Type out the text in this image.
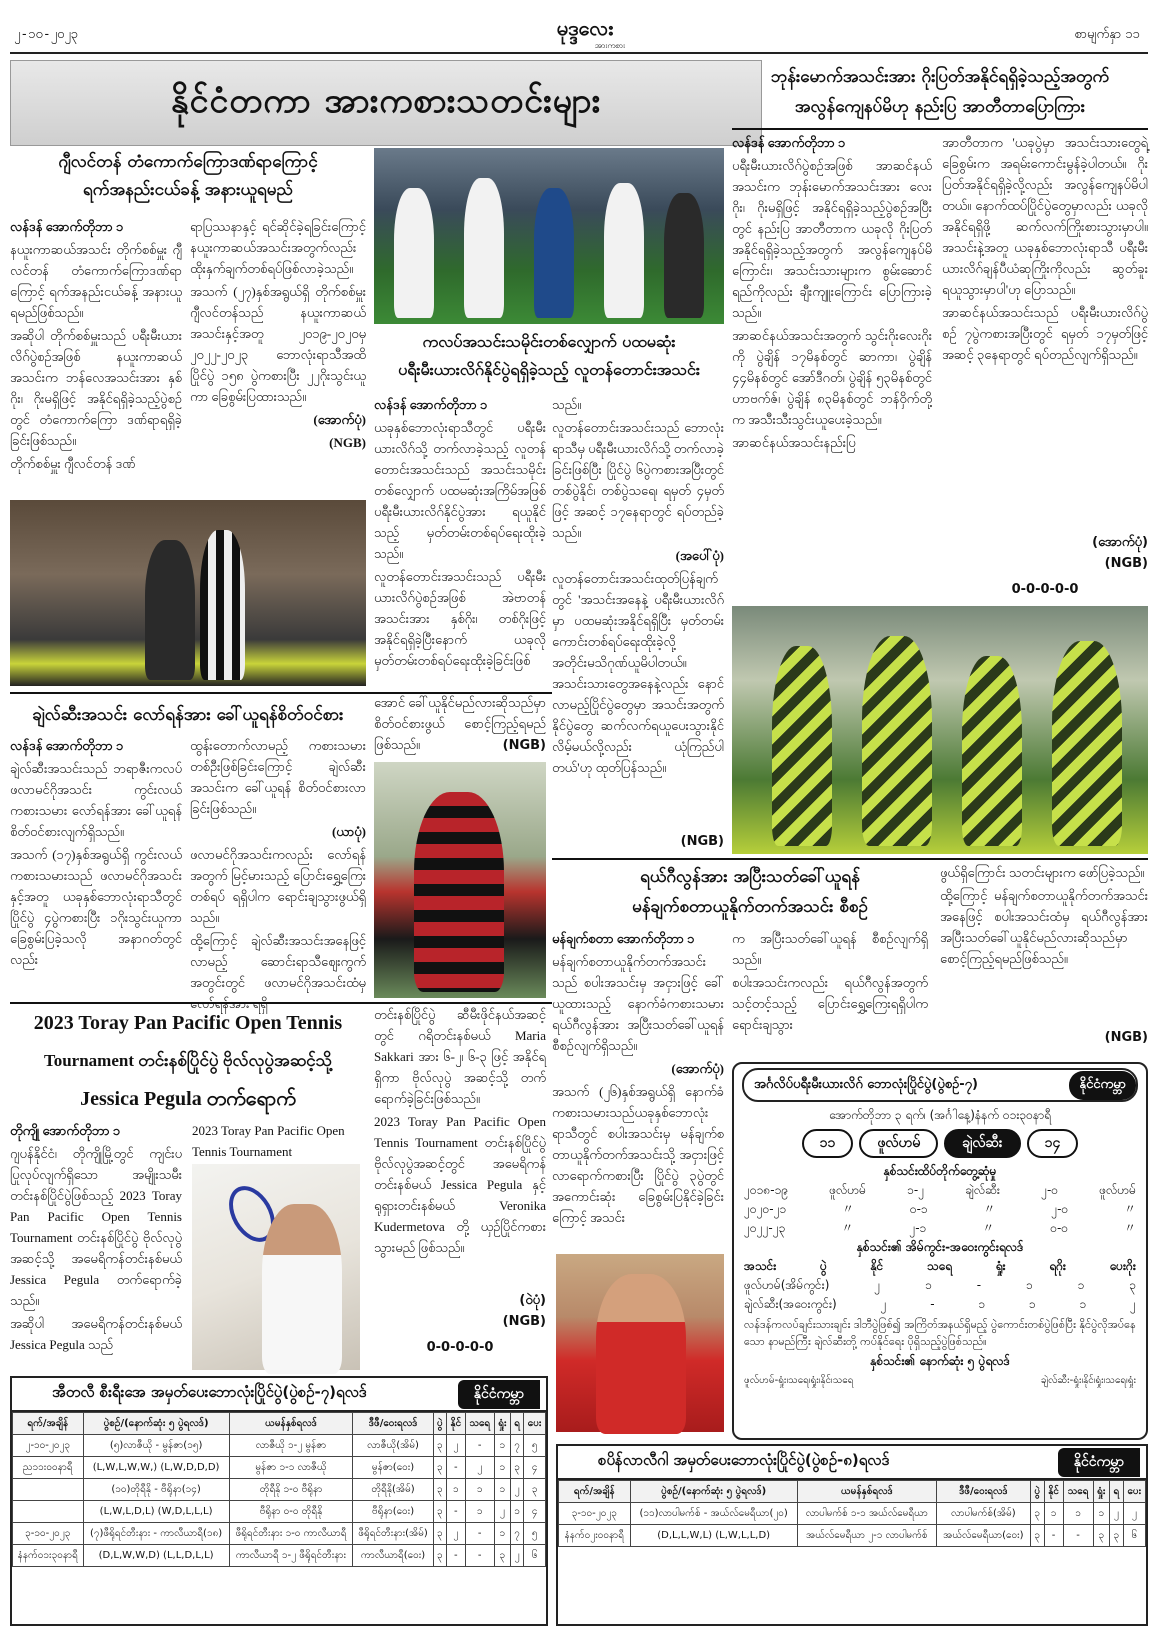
၂-၁၀-၂၀၂၃	မုဒ္ဒလေး
အားကစား
စာမျက်နှာ ၁၁
နိုင်ငံတကာ အားကစားသတင်းများ
ဂျီလင်တန် တံကောက်ကြောဒဏ်ရာကြောင့်
ရက်အနည်းငယ်ခန့် အနားယူရမည်

လန်ဒန် အောက်တိုဘာ ၁

နယူးကာဆယ်အသင်း တိုက်စစ်မှူး ဂျီလင်တန် တံကောက်ကြောဒဏ်ရာကြောင့် ရက်အနည်းငယ်ခန့် အနားယူရမည်ဖြစ်သည်။

အဆိုပါ တိုက်စစ်မှူးသည် ပရီးမီးယားလိဂ်ပွဲစဉ်အဖြစ် နယူးကာဆယ်အသင်းက ဘန်လေအသင်းအား နှစ်ဂိုး၊ ဂိုးမရှိဖြင့် အနိုင်ရရှိခဲ့သည့်ပွဲစဉ်တွင် တံကောက်ကြော ဒဏ်ရာရရှိခဲ့ခြင်းဖြစ်သည်။

တိုက်စစ်မှူး ဂျီလင်တန် ဒဏ်

ရာပြဿနာနှင့် ရင်ဆိုင်ခဲ့ရခြင်းကြောင့် နယူးကာဆယ်အသင်းအတွက်လည်း ထိုးနှက်ချက်တစ်ရပ်ဖြစ်လာခဲ့သည်။

အသက် (၂၇)နှစ်အရွယ်ရှိ တိုက်စစ်မှူး ဂျီလင်တန်သည် နယူးကာဆယ်အသင်းနှင့်အတူ ၂၀၁၉-၂၀၂၀မှ ၂၀၂၂-၂၀၂၃ ဘောလုံးရာသီအထိ ပြိုင်ပွဲ ၁၅၈ ပွဲကစားပြီး ၂၂ဂိုးသွင်းယူကာ ခြေစွမ်းပြထားသည်။

(အောက်ပုံ)

(NGB)

ချဲလ်ဆီးအသင်း လော်ရန်အား ခေါ်ယူရန်စိတ်ဝင်စား

လန်ဒန် အောက်တိုဘာ ၁

ချဲလ်ဆီးအသင်းသည် ဘရာဇီးကလပ် ဖလာမင်ဂိုအသင်း ကွင်းလယ်ကစားသမား လော်ရန်အား ခေါ်ယူရန် စိတ်ဝင်စားလျက်ရှိသည်။

အသက် (၁၇)နှစ်အရွယ်ရှိ ကွင်းလယ်ကစားသမားသည် ဖလာမင်ဂိုအသင်းနှင့်အတူ ယခုနှစ်ဘောလုံးရာသီတွင် ပြိုင်ပွဲ ၄ပွဲကစားပြီး ၁ဂိုးသွင်းယူကာ ခြေစွမ်းပြခဲ့သလို အနာဂတ်တွင် လည်း

ထွန်းတောက်လာမည့် ကစားသမားတစ်ဦးဖြစ်ခြင်းကြောင့် ချဲလ်ဆီးအသင်းက ခေါ်ယူရန် စိတ်ဝင်စားလာခြင်းဖြစ်သည်။

(ယာပုံ)

ဖလာမင်ဂိုအသင်းကလည်း လော်ရန်အတွက် မြင့်မားသည့် ပြောင်းရွှေ့ကြေးတစ်ရပ် ရရှိပါက ရောင်းချသွားဖွယ်ရှိသည်။

ထို့ကြောင့် ချဲလ်ဆီးအသင်းအနေဖြင့် လာမည့် ဆောင်းရာသီဈေးကွက်အတွင်းတွင် ဖလာမင်ဂိုအသင်းထံမှ လော်ရန်အား ရရှိ

အောင် ခေါ်ယူနိုင်မည်လားဆိုသည်မှာ စိတ်ဝင်စားဖွယ် စောင့်ကြည့်ရမည်ဖြစ်သည်။	(NGB)
2023 Toray Pan Pacific Open Tennis
Tournament တင်းနစ်ပြိုင်ပွဲ ဗိုလ်လုပွဲအဆင့်သို့
Jessica Pegula တက်ရောက်

တိုကျို အောက်တိုဘာ ၁

ဂျပန်နိုင်ငံ၊ တိုကျိုမြို့တွင် ကျင်းပပြုလုပ်လျက်ရှိသော အမျိုးသမီးတင်းနစ်ပြိုင်ပွဲဖြစ်သည့် 2023 Toray Pan Pacific Open Tennis Tournament တင်းနစ်ပြိုင်ပွဲ ဗိုလ်လုပွဲအဆင့်သို့ အမေရိကန်တင်းနစ်မယ် Jessica Pegula တက်ရောက်ခဲ့သည်။

အဆိုပါ အမေရိကန်တင်းနစ်မယ် Jessica Pegula သည်

2023 Toray Pan Pacific Open Tennis Tournament

တင်းနစ်ပြိုင်ပွဲ ဆီမီးဖိုင်နယ်အဆင့်တွင် ဂရိတင်းနစ်မယ် Maria Sakkari အား ၆-၂၊ ၆-၃ ဖြင့် အနိုင်ရရှိကာ ဗိုလ်လုပွဲ အဆင့်သို့ တက်ရောက်ခဲ့ခြင်းဖြစ်သည်။

2023 Toray Pan Pacific Open Tennis Tournament တင်းနစ်ပြိုင်ပွဲ ဗိုလ်လုပွဲအဆင့်တွင် အမေရိကန်တင်းနစ်မယ် Jessica Pegula နှင့် ရုရှားတင်းနစ်မယ် Veronika Kudermetova တို့ ယှဉ်ပြိုင်ကစားသွားမည် ဖြစ်သည်။

(ဝဲပုံ)
(NGB)
0-0-0-0-0
ကလပ်အသင်းသမိုင်းတစ်လျှောက် ပထမဆုံး
ပရီးမီးယားလိဂ်နိုင်ပွဲရရှိခဲ့သည့် လူတန်တောင်းအသင်း

လန်ဒန် အောက်တိုဘာ ၁

ယခုနှစ်ဘောလုံးရာသီတွင် ပရီးမီးယားလိဂ်သို့ တက်လာခဲ့သည့် လူတန်တောင်းအသင်းသည် အသင်းသမိုင်းတစ်လျှောက် ပထမဆုံးအကြိမ်အဖြစ် ပရီးမီးယားလိဂ်နိုင်ပွဲအား ရယူနိုင်သည့် မှတ်တမ်းတစ်ရပ်ရေးထိုးခဲ့သည်။

လူတန်တောင်းအသင်းသည် ပရီးမီးယားလိဂ်ပွဲစဉ်အဖြစ် အဲဗာတန်အသင်းအား နှစ်ဂိုး၊ တစ်ဂိုးဖြင့် အနိုင်ရရှိခဲ့ပြီးနောက် ယခုလို မှတ်တမ်းတစ်ရပ်ရေးထိုးခဲ့ခြင်းဖြစ်

သည်။

လူတန်တောင်းအသင်းသည် ဘောလုံးရာသီမှ ပရီးမီးယားလိဂ်သို့ တက်လာခဲ့ခြင်းဖြစ်ပြီး ပြိုင်ပွဲ ၆ပွဲကစားအပြီးတွင် တစ်ပွဲနိုင်၊ တစ်ပွဲသရေ၊ ရမှတ် ၄မှတ်ဖြင့် အဆင့် ၁၇နေရာတွင် ရပ်တည်ခဲ့သည်။

(အပေါ်ပုံ)

လူတန်တောင်းအသင်းထုတ်ပြန်ချက်တွင် 'အသင်းအနေနဲ့ ပရီးမီးယားလိဂ်မှာ ပထမဆုံးအနိုင်ရရှိပြီး မှတ်တမ်းကောင်းတစ်ရပ်ရေးထိုးခဲ့လို့ အတိုင်းမသိဂုဏ်ယူမိပါတယ်။ အသင်းသားတွေအနေနဲ့လည်း နောင်လာမည့်ပြိုင်ပွဲတွေမှာ အသင်းအတွက် နိုင်ပွဲတွေ ဆက်လက်ရယူပေးသွားနိုင်လိမ့်မယ်လို့လည်း ယုံကြည်ပါတယ်'ဟု ထုတ်ပြန်သည်။

(NGB)
ဘုန်းမောက်အသင်းအား ဂိုးပြတ်အနိုင်ရရှိခဲ့သည့်အတွက်
အလွန်ကျေနပ်မိဟု နည်းပြ အာတီတာပြောကြား

လန်ဒန် အောက်တိုဘာ ၁

ပရီးမီးယားလိဂ်ပွဲစဉ်အဖြစ် အာဆင်နယ်အသင်းက ဘုန်းမောက်အသင်းအား လေးဂိုး၊ ဂိုးမရှိဖြင့် အနိုင်ရရှိခဲ့သည့်ပွဲစဉ်အပြီးတွင် နည်းပြ အာတီတာက ယခုလို ဂိုးပြတ်အနိုင်ရရှိခဲ့သည့်အတွက် အလွန်ကျေနပ်မိကြောင်း၊ အသင်းသားများက စွမ်းဆောင်ရည်ကိုလည်း ချီးကျူးကြောင်း ပြောကြားခဲ့သည်။

အာဆင်နယ်အသင်းအတွက် သွင်းဂိုးလေးဂိုးကို ပွဲချိန် ၁၇မိနစ်တွင် ဆာကာ၊ ပွဲချိန် ၄၄မိနစ်တွင် အော်ဒီဂတ်၊ ပွဲချိန် ၅၃မိနစ်တွင် ဟာဗက်ဇ်၊ ပွဲချိန် ၈၃မိနစ်တွင် ဘန်ဝှိက်တို့က အသီးသီးသွင်းယူပေးခဲ့သည်။

အာဆင်နယ်အသင်းနည်းပြ

အာတီတာက 'ယခုပွဲမှာ အသင်းသားတွေရဲ့ ခြေစွမ်းက အရမ်းကောင်းမွန်ခဲ့ပါတယ်။ ဂိုးပြတ်အနိုင်ရရှိခဲ့လို့လည်း အလွန်ကျေနပ်မိပါတယ်။ နောက်ထပ်ပြိုင်ပွဲတွေမှာလည်း ယခုလို အနိုင်ရရှိဖို့ ဆက်လက်ကြိုးစားသွားမှာပါ။ အသင်းနဲ့အတူ ယခုနှစ်ဘောလုံးရာသီ ပရီးမီးယားလိဂ်ချန်ပီယံဆုကြိုးကိုလည်း ဆွတ်ခူးရယူသွားမှာပါ'ဟု ပြောသည်။

အာဆင်နယ်အသင်းသည် ပရီးမီးယားလိဂ်ပွဲစဉ် ၇ပွဲကစားအပြီးတွင် ရမှတ် ၁၇မှတ်ဖြင့် အဆင့် ၃နေရာတွင် ရပ်တည်လျက်ရှိသည်။

(အောက်ပုံ)
(NGB)
0-0-0-0-0
ရယ်ဂီလွန်အား အပြီးသတ်ခေါ်ယူရန်
မန်ချက်စတာယူနိုက်တက်အသင်း စီစဉ်

မန်ချက်စတာ အောက်တိုဘာ ၁

မန်ချက်စတာယူနိုက်တက်အသင်းသည် စပါးအသင်းမှ အငှားဖြင့် ခေါ်ယူထားသည့် နောက်ခံကစားသမား ရယ်ဂီလွန်အား အပြီးသတ်ခေါ်ယူရန် စီစဉ်လျက်ရှိသည်။

(အောက်ပုံ)

အသက် (၂၆)နှစ်အရွယ်ရှိ နောက်ခံကစားသမားသည်ယခုနှစ်ဘောလုံးရာသီတွင် စပါးအသင်းမှ မန်ချက်စတာယူနိုက်တက်အသင်းသို့ အငှားဖြင့် လာရောက်ကစားပြီး ပြိုင်ပွဲ ၃ပွဲတွင် အကောင်းဆုံး ခြေစွမ်းပြနိုင်ခဲ့ခြင်းကြောင့် အသင်း

က အပြီးသတ်ခေါ်ယူရန် စီစဉ်လျက်ရှိသည်။

စပါးအသင်းကလည်း ရယ်ဂီလွန်အတွက် သင့်တင့်သည့် ပြောင်းရွှေ့ကြေးရရှိပါက ရောင်းချသွား

ဖွယ်ရှိကြောင်း သတင်းများက ဖော်ပြခဲ့သည်။

ထို့ကြောင့် မန်ချက်စတာယူနိုက်တက်အသင်းအနေဖြင့် စပါးအသင်းထံမှ ရယ်ဂီလွန်အား အပြီးသတ်ခေါ်ယူနိုင်မည်လားဆိုသည်မှာ စောင့်ကြည့်ရမည်ဖြစ်သည်။

(NGB)
အင်္ဂလိပ်ပရီးမီးယားလိဂ် ဘောလုံးပြိုင်ပွဲ(ပွဲစဉ်-၇)	နိုင်ငံကမ္ဘာ
အောက်တိုဘာ ၃ ရက်၊ (အင်္ဂါနေ့)နံနက် ၀၁း၃၀နာရီ
၁၁	ဖူလ်ဟမ်	ချဲလ်ဆီး	၁၄
နှစ်သင်းထိပ်တိုက်တွေ့ဆုံမှု
၂၀၁၈-၁၉	ဖူလ်ဟမ်	၁-၂	ချဲလ်ဆီး	၂-၀	ဖူလ်ဟမ်
၂၀၂၀-၂၁	〃	၀-၁	〃	၂-၀	〃
၂၀၂၂-၂၃	〃	၂-၁	〃	၀-၀	〃
နှစ်သင်း၏ အိမ်ကွင်း-အဝေးကွင်းရလဒ်
အသင်း	ပွဲ	နိုင်	သရေ	ရှုံး	ရဂိုး	ပေးဂိုး
ဖူလ်ဟမ်(အိမ်ကွင်း)	၂	၁	-	၁	၁	၃
ချဲလ်ဆီး(အဝေးကွင်း)	၂	-	၁	၁	၁	၂
လန်ဒန်ကလပ်ချင်းသားချင်း ဒါဘီပွဲဖြစ်၍ အကြိတ်အနယ်ရှိမည့် ပွဲကောင်းတစ်ပွဲဖြစ်ပြီး နိုင်ပွဲလိုအပ်နေသော နာမည်ကြီး ချဲလ်ဆီးတို့ ကပ်နိုင်ရေး ပိုရှိသည့်ပွဲဖြစ်သည်။
နှစ်သင်း၏ နောက်ဆုံး ၅ ပွဲရလဒ်
ဖူလ်ဟမ်-ရှုံး၊သရေ၊ရှုံး၊နိုင်၊သရေ	ချဲလ်ဆီး-ရှုံး၊နိုင်၊ရှုံး၊သရေ၊ရှုံး
အီတလီ စီးရီးအေ အမှတ်ပေးဘောလုံးပြိုင်ပွဲ(ပွဲစဉ်-၇)ရလဒ်	နိုင်ငံကမ္ဘာ
ရက်/အချိန်	ပွဲစဉ်/(နောက်ဆုံး ၅ ပွဲရလဒ်)	ယမန်နှစ်ရလဒ်	ဒီဖီ/ဝေးရလဒ်	ပွဲ	နိုင်	သရေ	ရှုံး	ရ	ပေး
၂-၁၀-၂၀၂၃	(၅)လာဇီယို - မွန်ဇာ(၁၅)	လာဇီယို ၁-၂ မွန်ဇာ	လာဇီယို(အိမ်)	၃	၂	-	၁	၇	၅
ည၁၁း၀၀နာရီ	(L,W,L,W,W,) (L,W,D,D,D)	မွန်ဇာ ၁-၁ လာဇီယို	မွန်ဇာ(ဝေး)	၃	-	၂	၁	၃	၄
	(၁၀)တိုရီနို - ဗီရိုနာ(၁၄)	တိုရီနို ၁-၀ ဗီရိုနာ	တိုရီနို(အိမ်)	၃	၁	၁	၁	၂	၃
	(L,W,L,D,L) (W,D,L,L,L)	ဗီရိုနာ ၀-၀ တိုရီနို	ဗီရိုနာ(ဝေး)	၃	-	၁	၂	၁	၄
၃-၁၀-၂၀၂၃	(၇)ဖီရိုရင်တီးနား - ကာလီယာရီ(၁၈)	ဖီရိုရင်တီးနား ၁-၀ ကာလီယာရီ	ဖီရိုရင်တီးနား(အိမ်)	၃	၂	-	၁	၇	၅
နံနက်၀၁း၃၀နာရီ	(D,L,W,W,D) (L,L,D,L,L)	ကာလီယာရီ ၁-၂ ဖီရိုရင်တီးနား	ကာလီယာရီ(ဝေး)	၃	-	-	၃	၂	၆
စပိန်လာလီဂါ အမှတ်ပေးဘောလုံးပြိုင်ပွဲ(ပွဲစဉ်-၈)ရလဒ်	နိုင်ငံကမ္ဘာ
ရက်/အချိန်	ပွဲစဉ်/(နောက်ဆုံး ၅ ပွဲရလဒ်)	ယမန်နှစ်ရလဒ်	ဒီဖီ/ဝေးရလဒ်	ပွဲ	နိုင်	သရေ	ရှုံး	ရ	ပေး
၃-၁၀-၂၀၂၃	(၁၁)လာပါမက်စ် - အယ်လ်မေရီယာ(၂၀)	လာပါမက်စ် ၁-၁ အယ်လ်မေရီယာ	လာပါမက်စ်(အိမ်)	၃	၁	၁	၁	၂	၂
နံနက်၀၂း၀၀နာရီ	(D,L,L,W,L) (L,W,L,L,D)	အယ်လ်မေရီယာ ၂-၁ လာပါမက်စ်	အယ်လ်မေရီယာ(ဝေး)	၃	-	-	၃	၃	၆
